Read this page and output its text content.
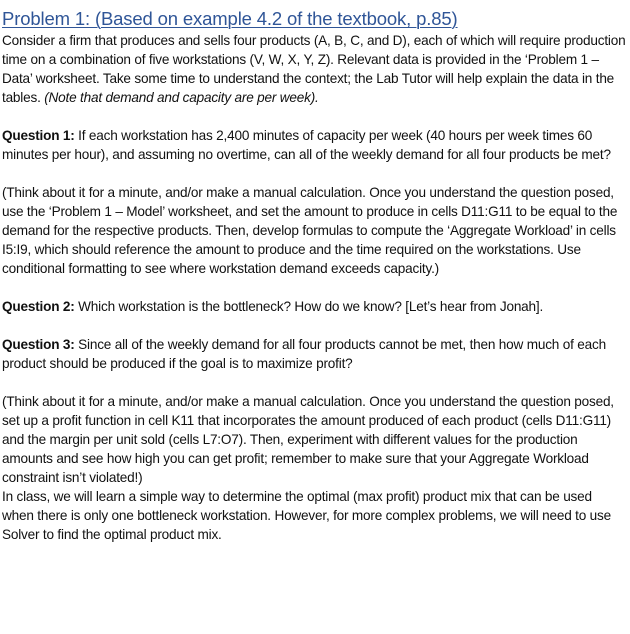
Problem 1: (Based on example 4.2 of the textbook, p.85)

Consider a firm that produces and sells four products (A, B, C, and D), each of which will require production time on a combination of five workstations (V, W, X, Y, Z). Relevant data is provided in the ‘Problem 1 – Data’ worksheet. Take some time to understand the context; the Lab Tutor will help explain the data in the tables. (Note that demand and capacity are per week).

Question 1: If each workstation has 2,400 minutes of capacity per week (40 hours per week times 60 minutes per hour), and assuming no overtime, can all of the weekly demand for all four products be met?

(Think about it for a minute, and/or make a manual calculation. Once you understand the question posed, use the ‘Problem 1 – Model’ worksheet, and set the amount to produce in cells D11:G11 to be equal to the demand for the respective products. Then, develop formulas to compute the ‘Aggregate Workload’ in cells I5:I9, which should reference the amount to produce and the time required on the workstations. Use conditional formatting to see where workstation demand exceeds capacity.)

Question 2: Which workstation is the bottleneck? How do we know? [Let’s hear from Jonah].

Question 3: Since all of the weekly demand for all four products cannot be met, then how much of each product should be produced if the goal is to maximize profit?

(Think about it for a minute, and/or make a manual calculation. Once you understand the question posed, set up a profit function in cell K11 that incorporates the amount produced of each product (cells D11:G11) and the margin per unit sold (cells L7:O7). Then, experiment with different values for the production amounts and see how high you can get profit; remember to make sure that your Aggregate Workload constraint isn’t violated!)

In class, we will learn a simple way to determine the optimal (max profit) product mix that can be used when there is only one bottleneck workstation. However, for more complex problems, we will need to use Solver to find the optimal product mix.
